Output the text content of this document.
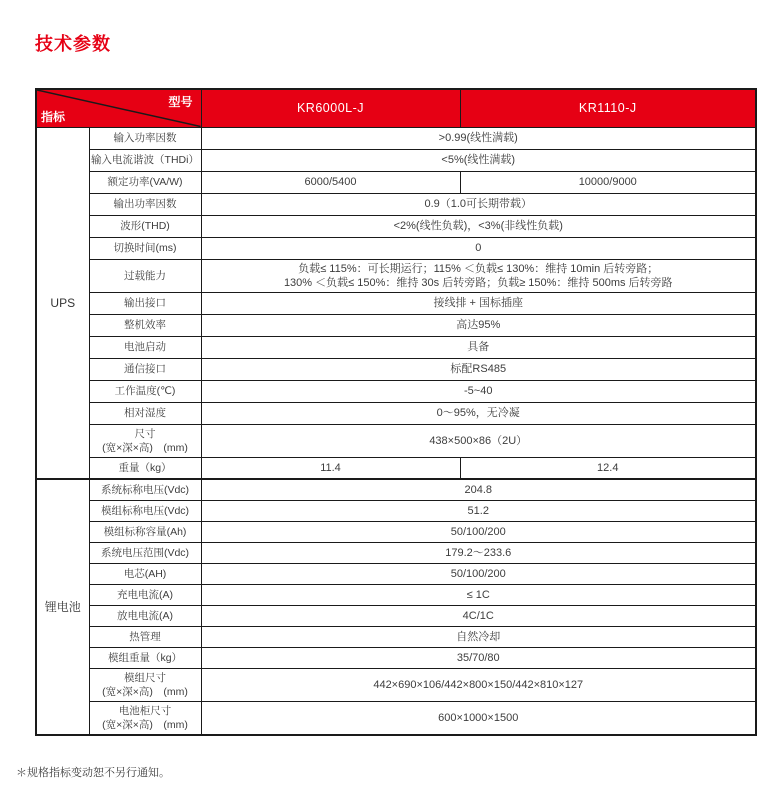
技术参数
型号
指标		KR6000L-J	KR1110-J
UPS	输入功率因数	>0.99(线性满载)	

	输入电流谐波（THDi）	<5%(线性满载)	

	额定功率(VA/W)	6000/5400	10000/9000

	输出功率因数	0.9（1.0可长期带载）	

	波形(THD)	<2%(线性负载)，<3%(非线性负载)	

	切换时间(ms)	0	

	过载能力	负载≤ 115%：可长期运行；115% ＜负载≤ 130%：维持 10min 后转旁路；
130% ＜负载≤ 150%：维持 30s 后转旁路；负载≥ 150%：维持 500ms 后转旁路	

	输出接口	接线排 + 国标插座	

	整机效率	高达95%	

	电池启动	具备	

	通信接口	标配RS485	

	工作温度(℃)	-5~40	

	相对湿度	0～95%，无冷凝	

	尺寸
(宽×深×高)　(mm)	438×500×86（2U）	

	重量（kg）	11.4	12.4
锂电池	系统标称电压(Vdc)	204.8	

	模组标称电压(Vdc)	51.2	

	模组标称容量(Ah)	50/100/200	

	系统电压范围(Vdc)	179.2～233.6	

	电芯(AH)	50/100/200	

	充电电流(A)	≤ 1C	

	放电电流(A)	4C/1C	

	热管理	自然冷却	

	模组重量（kg）	35/70/80	

	模组尺寸
(宽×深×高)　(mm)	442×690×106/442×800×150/442×810×127	

	电池柜尺寸
(宽×深×高)　(mm)	600×1000×1500	
＊规格指标变动恕不另行通知。
